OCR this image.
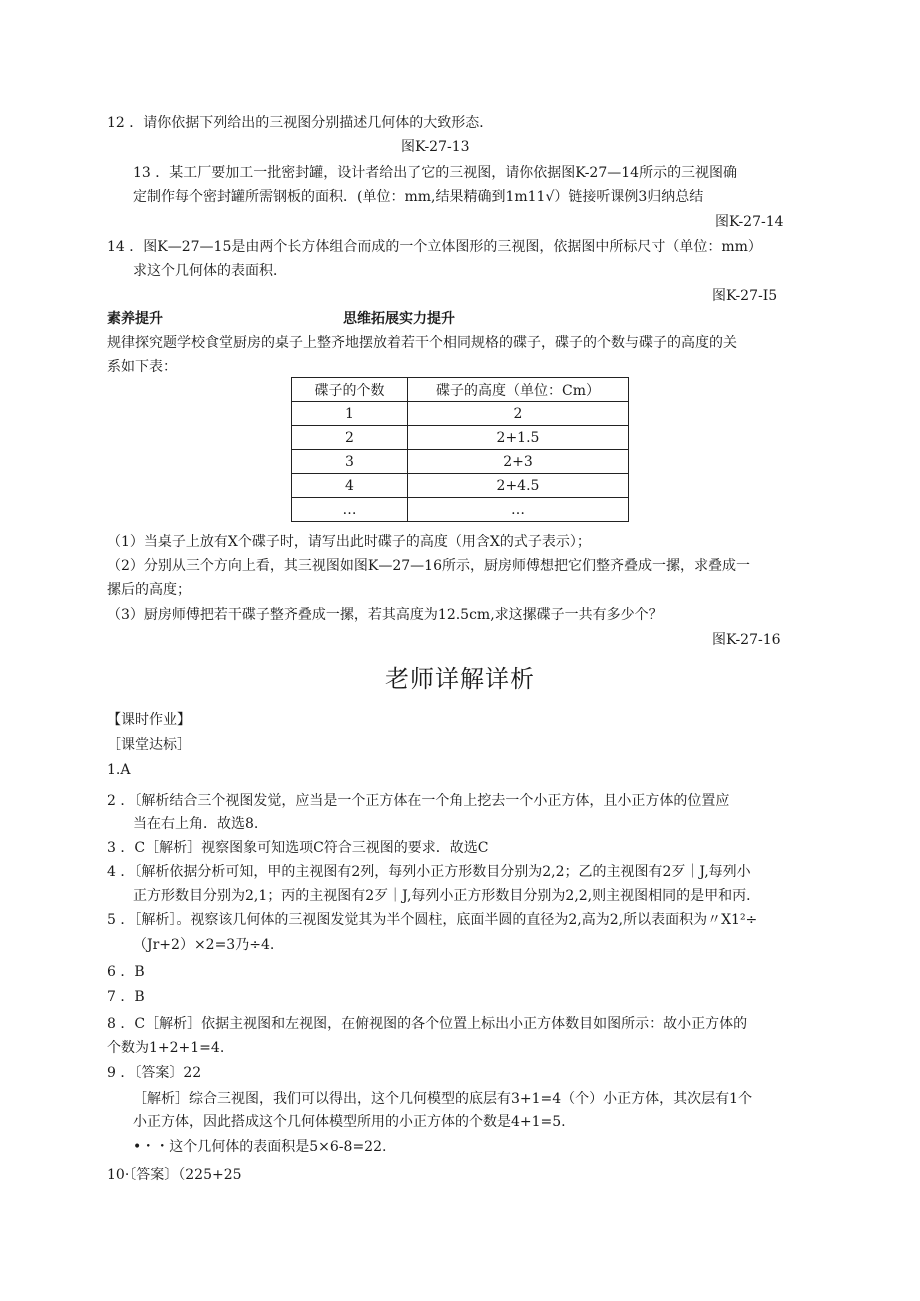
12 ．请你依据下列给出的三视图分别描述几何体的大致形态．
图K-27-13
13 ．某工厂要加工一批密封罐，设计者给出了它的三视图，请你依据图K-27—14所示的三视图确
定制作每个密封罐所需钢板的面积．(单位：mm,结果精确到1m11√）链接听课例3归纳总结
图K-27-14
14 ．图K—27—15是由两个长方体组合而成的一个立体图形的三视图，依据图中所标尺寸（单位：mm）
求这个几何体的表面积．
图K-27-I5
素养提升	思维拓展实力提升
规律探究题学校食堂厨房的桌子上整齐地摆放着若干个相同规格的碟子，碟子的个数与碟子的高度的关
系如下表：
碟子的个数	碟子的高度（单位：Cm）
1	2
2	2+1.5
3	2+3
4	2+4.5
…	…
（1）当桌子上放有X个碟子时，请写出此时碟子的高度（用含X的式子表示）；
（2）分别从三个方向上看，其三视图如图K—27—16所示，厨房师傅想把它们整齐叠成一摞，求叠成一
摞后的高度；
（3）厨房师傅把若干碟子整齐叠成一摞，若其高度为12.5cm,求这摞碟子一共有多少个？
图K-27-16
老师详解详析
【课时作业】
［课堂达标］
1.A
2 ．〔解析结合三个视图发觉，应当是一个正方体在一个角上挖去一个小正方体，且小正方体的位置应
当在右上角．故选8.
3 ．C［解析］视察图象可知选项C符合三视图的要求．故选C
4 ．〔解析依据分析可知，甲的主视图有2列，每列小正方形数目分别为2,2；乙的主视图有2歹｜J,每列小
正方形数目分别为2,1；丙的主视图有2歹｜J,每列小正方形数目分别为2,2,则主视图相同的是甲和丙．
5 ．［解析］。视察该几何体的三视图发觉其为半个圆柱，底面半圆的直径为2,高为2,所以表面积为〃X1²÷
（Jr+2）×2=3乃÷4.
6 ．B
7 ．B
8 ．C［解析］依据主视图和左视图，在俯视图的各个位置上标出小正方体数目如图所示：故小正方体的
个数为1+2+1=4.
9 ．〔答案〕22
［解析］综合三视图，我们可以得出，这个几何模型的底层有3+1=4（个）小正方体，其次层有1个
小正方体，因此搭成这个几何体模型所用的小正方体的个数是4+1=5.
•・・这个几何体的表面积是5×6-8=22.
10·〔答案〕（225+25
